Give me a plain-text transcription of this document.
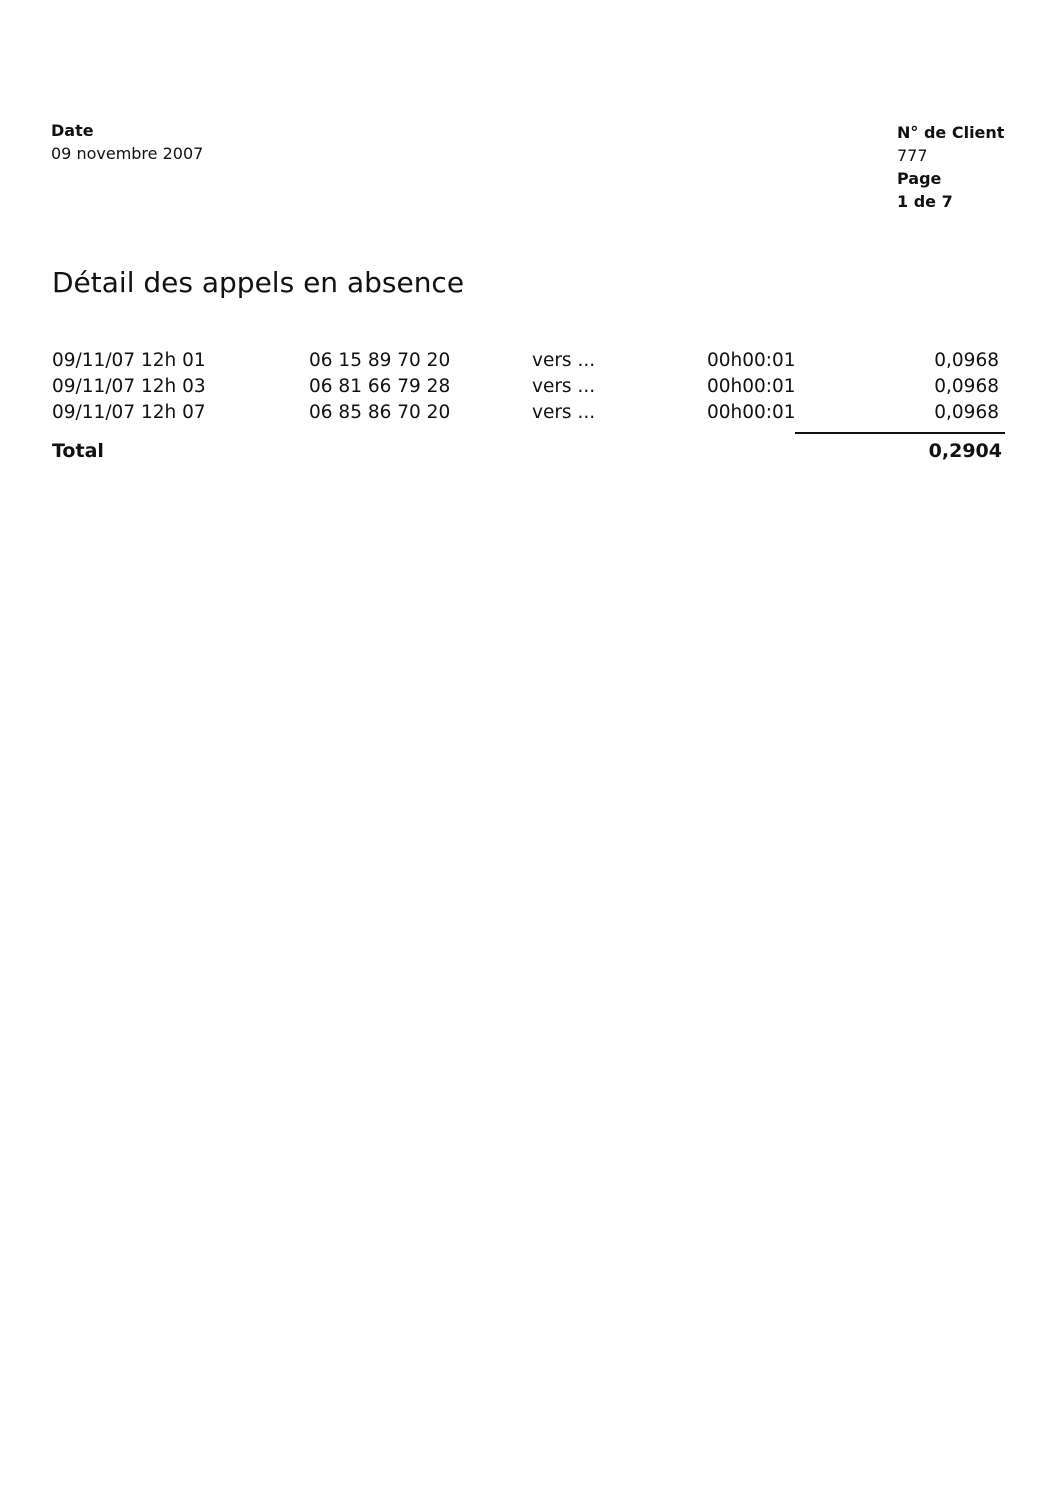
Date
09 novembre 2007
N° de Client
777
Page
1 de 7
Détail des appels en absence
09/11/07 12h 01	06 15 89 70 20	vers ...	00h00:01	0,0968
09/11/07 12h 03	06 81 66 79 28	vers ...	00h00:01	0,0968
09/11/07 12h 07	06 85 86 70 20	vers ...	00h00:01	0,0968
Total	0,2904
